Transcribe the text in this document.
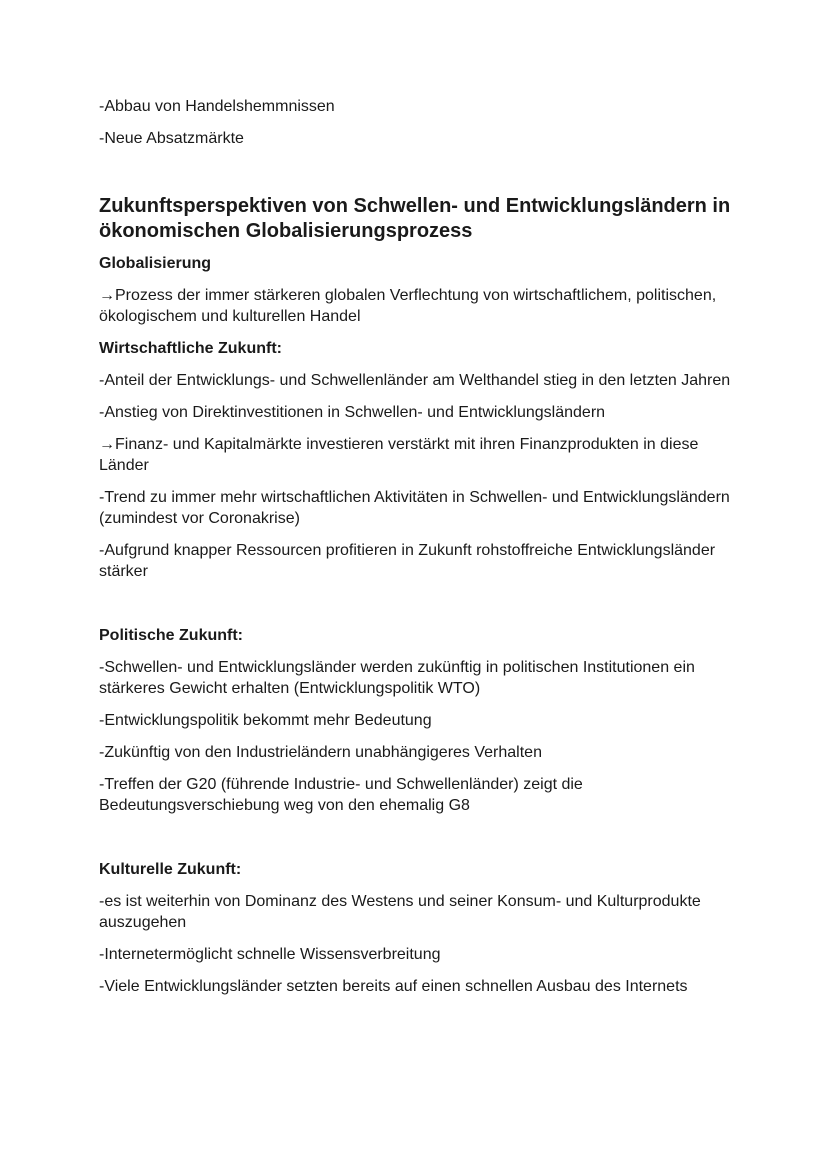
-Abbau von Handelshemmnissen

-Neue Absatzmärkte

Zukunftsperspektiven von Schwellen- und Entwicklungsländern in ökonomischen Globalisierungsprozess
Globalisierung

→Prozess der immer stärkeren globalen Verflechtung von wirtschaftlichem, politischen, ökologischem und kulturellen Handel

Wirtschaftliche Zukunft:

-Anteil der Entwicklungs- und Schwellenländer am Welthandel stieg in den letzten Jahren

-Anstieg von Direktinvestitionen in Schwellen- und Entwicklungsländern

→Finanz- und Kapitalmärkte investieren verstärkt mit ihren Finanzprodukten in diese Länder

-Trend zu immer mehr wirtschaftlichen Aktivitäten in Schwellen- und Entwicklungsländern (zumindest vor Coronakrise)

-Aufgrund knapper Ressourcen profitieren in Zukunft rohstoffreiche Entwicklungsländer stärker

Politische Zukunft:

-Schwellen- und Entwicklungsländer werden zukünftig in politischen Institutionen ein stärkeres Gewicht erhalten (Entwicklungspolitik WTO)

-Entwicklungspolitik bekommt mehr Bedeutung

-Zukünftig von den Industrieländern unabhängigeres Verhalten

-Treffen der G20 (führende Industrie- und Schwellenländer) zeigt die Bedeutungsverschiebung weg von den ehemalig G8

Kulturelle Zukunft:

-es ist weiterhin von Dominanz des Westens und seiner Konsum- und Kulturprodukte auszugehen

-Internetermöglicht schnelle Wissensverbreitung

-Viele Entwicklungsländer setzten bereits auf einen schnellen Ausbau des Internets
